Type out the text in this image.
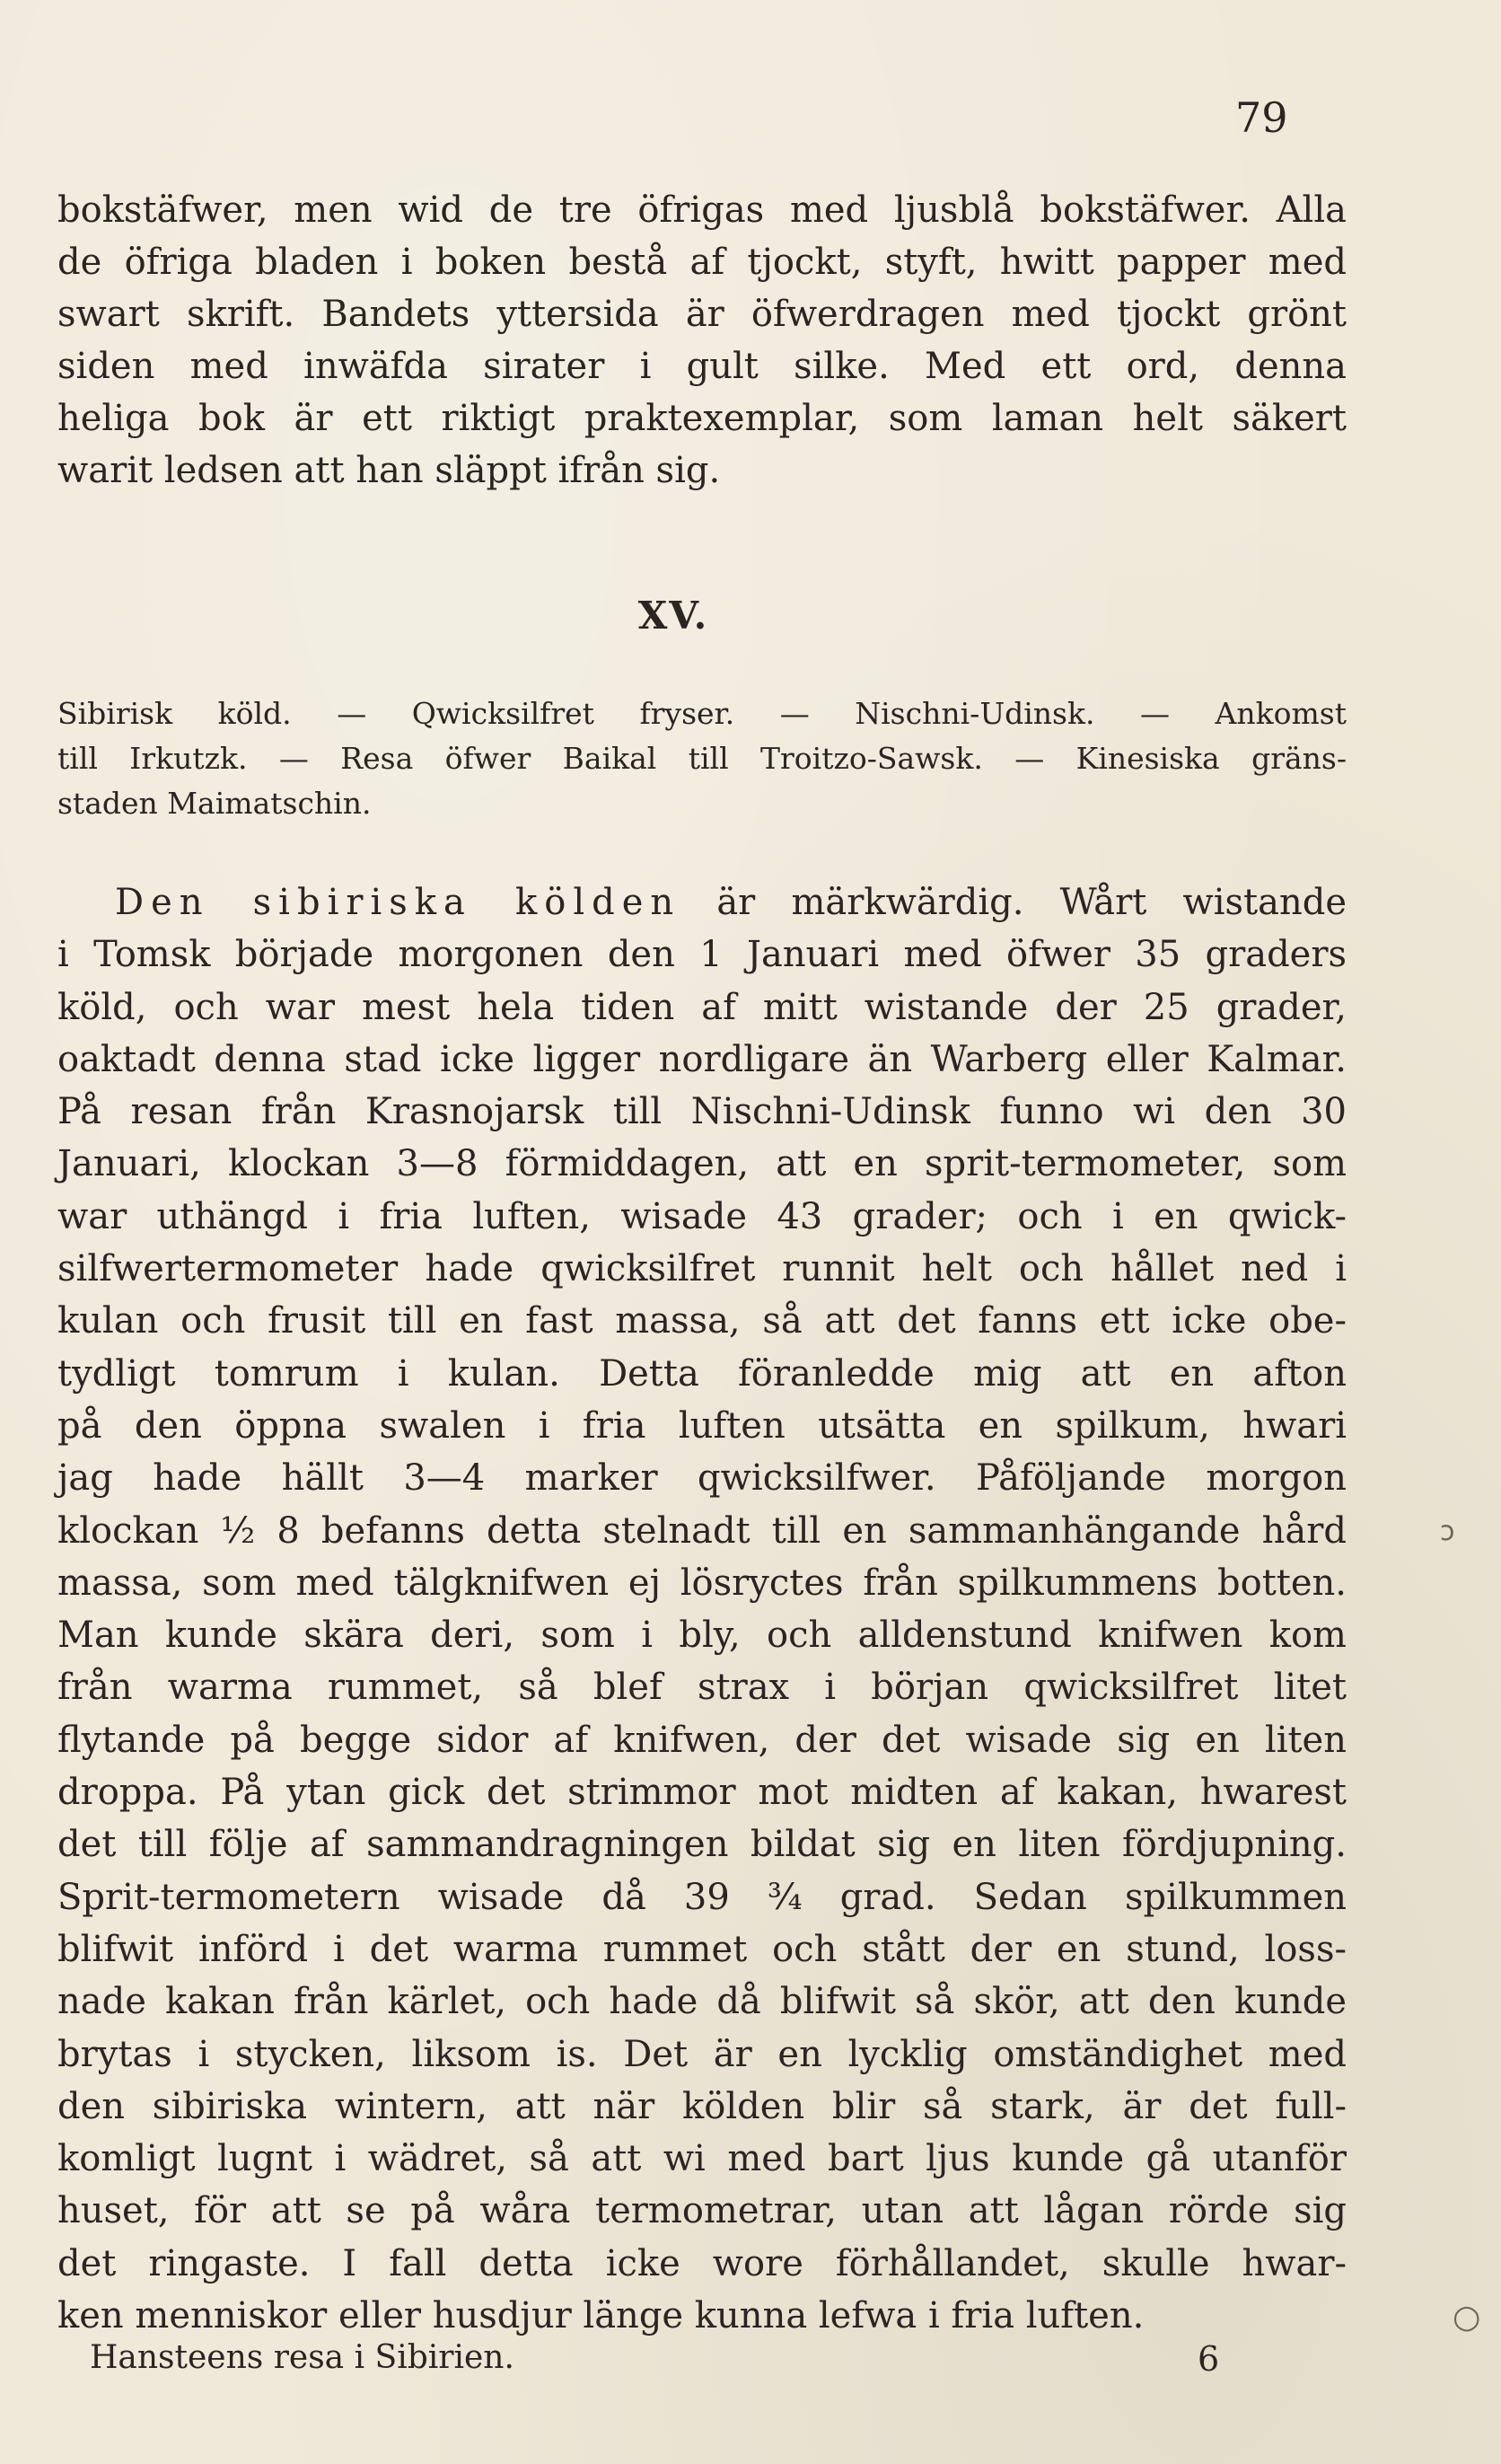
79
bokstäfwer, men wid de tre öfrigas med ljusblå bokstäfwer. Alla
de öfriga bladen i boken bestå af tjockt, styft, hwitt papper med
swart skrift. Bandets yttersida är öfwerdragen med tjockt grönt
siden med inwäfda sirater i gult silke. Med ett ord, denna
heliga bok är ett riktigt praktexemplar, som laman helt säkert
warit ledsen att han släppt ifrån sig.
XV.
Sibirisk köld. — Qwicksilfret fryser. — Nischni-Udinsk. — Ankomst
till Irkutzk. — Resa öfwer Baikal till Troitzo-Sawsk. — Kinesiska gräns-
staden Maimatschin.
Den sibiriska kölden är märkwärdig. Wårt wistande
i Tomsk började morgonen den 1 Januari med öfwer 35 graders
köld, och war mest hela tiden af mitt wistande der 25 grader,
oaktadt denna stad icke ligger nordligare än Warberg eller Kalmar.
På resan från Krasnojarsk till Nischni-Udinsk funno wi den 30
Januari, klockan 3—8 förmiddagen, att en sprit-termometer, som
war uthängd i fria luften, wisade 43 grader; och i en qwick-
silfwertermometer hade qwicksilfret runnit helt och hållet ned i
kulan och frusit till en fast massa, så att det fanns ett icke obe-
tydligt tomrum i kulan. Detta föranledde mig att en afton
på den öppna swalen i fria luften utsätta en spilkum, hwari
jag hade hällt 3—4 marker qwicksilfwer. Påföljande morgon
klockan ½ 8 befanns detta stelnadt till en sammanhängande hård
massa, som med tälgknifwen ej lösryctes från spilkummens botten.
Man kunde skära deri, som i bly, och alldenstund knifwen kom
från warma rummet, så blef strax i början qwicksilfret litet
flytande på begge sidor af knifwen, der det wisade sig en liten
droppa. På ytan gick det strimmor mot midten af kakan, hwarest
det till följe af sammandragningen bildat sig en liten fördjupning.
Sprit-termometern wisade då 39 ¾ grad. Sedan spilkummen
blifwit införd i det warma rummet och stått der en stund, loss-
nade kakan från kärlet, och hade då blifwit så skör, att den kunde
brytas i stycken, liksom is. Det är en lycklig omständighet med
den sibiriska wintern, att när kölden blir så stark, är det full-
komligt lugnt i wädret, så att wi med bart ljus kunde gå utanför
huset, för att se på wåra termometrar, utan att lågan rörde sig
det ringaste. I fall detta icke wore förhållandet, skulle hwar-
ken menniskor eller husdjur länge kunna lefwa i fria luften.
Hansteens resa i Sibirien.	6
ↄ
○
